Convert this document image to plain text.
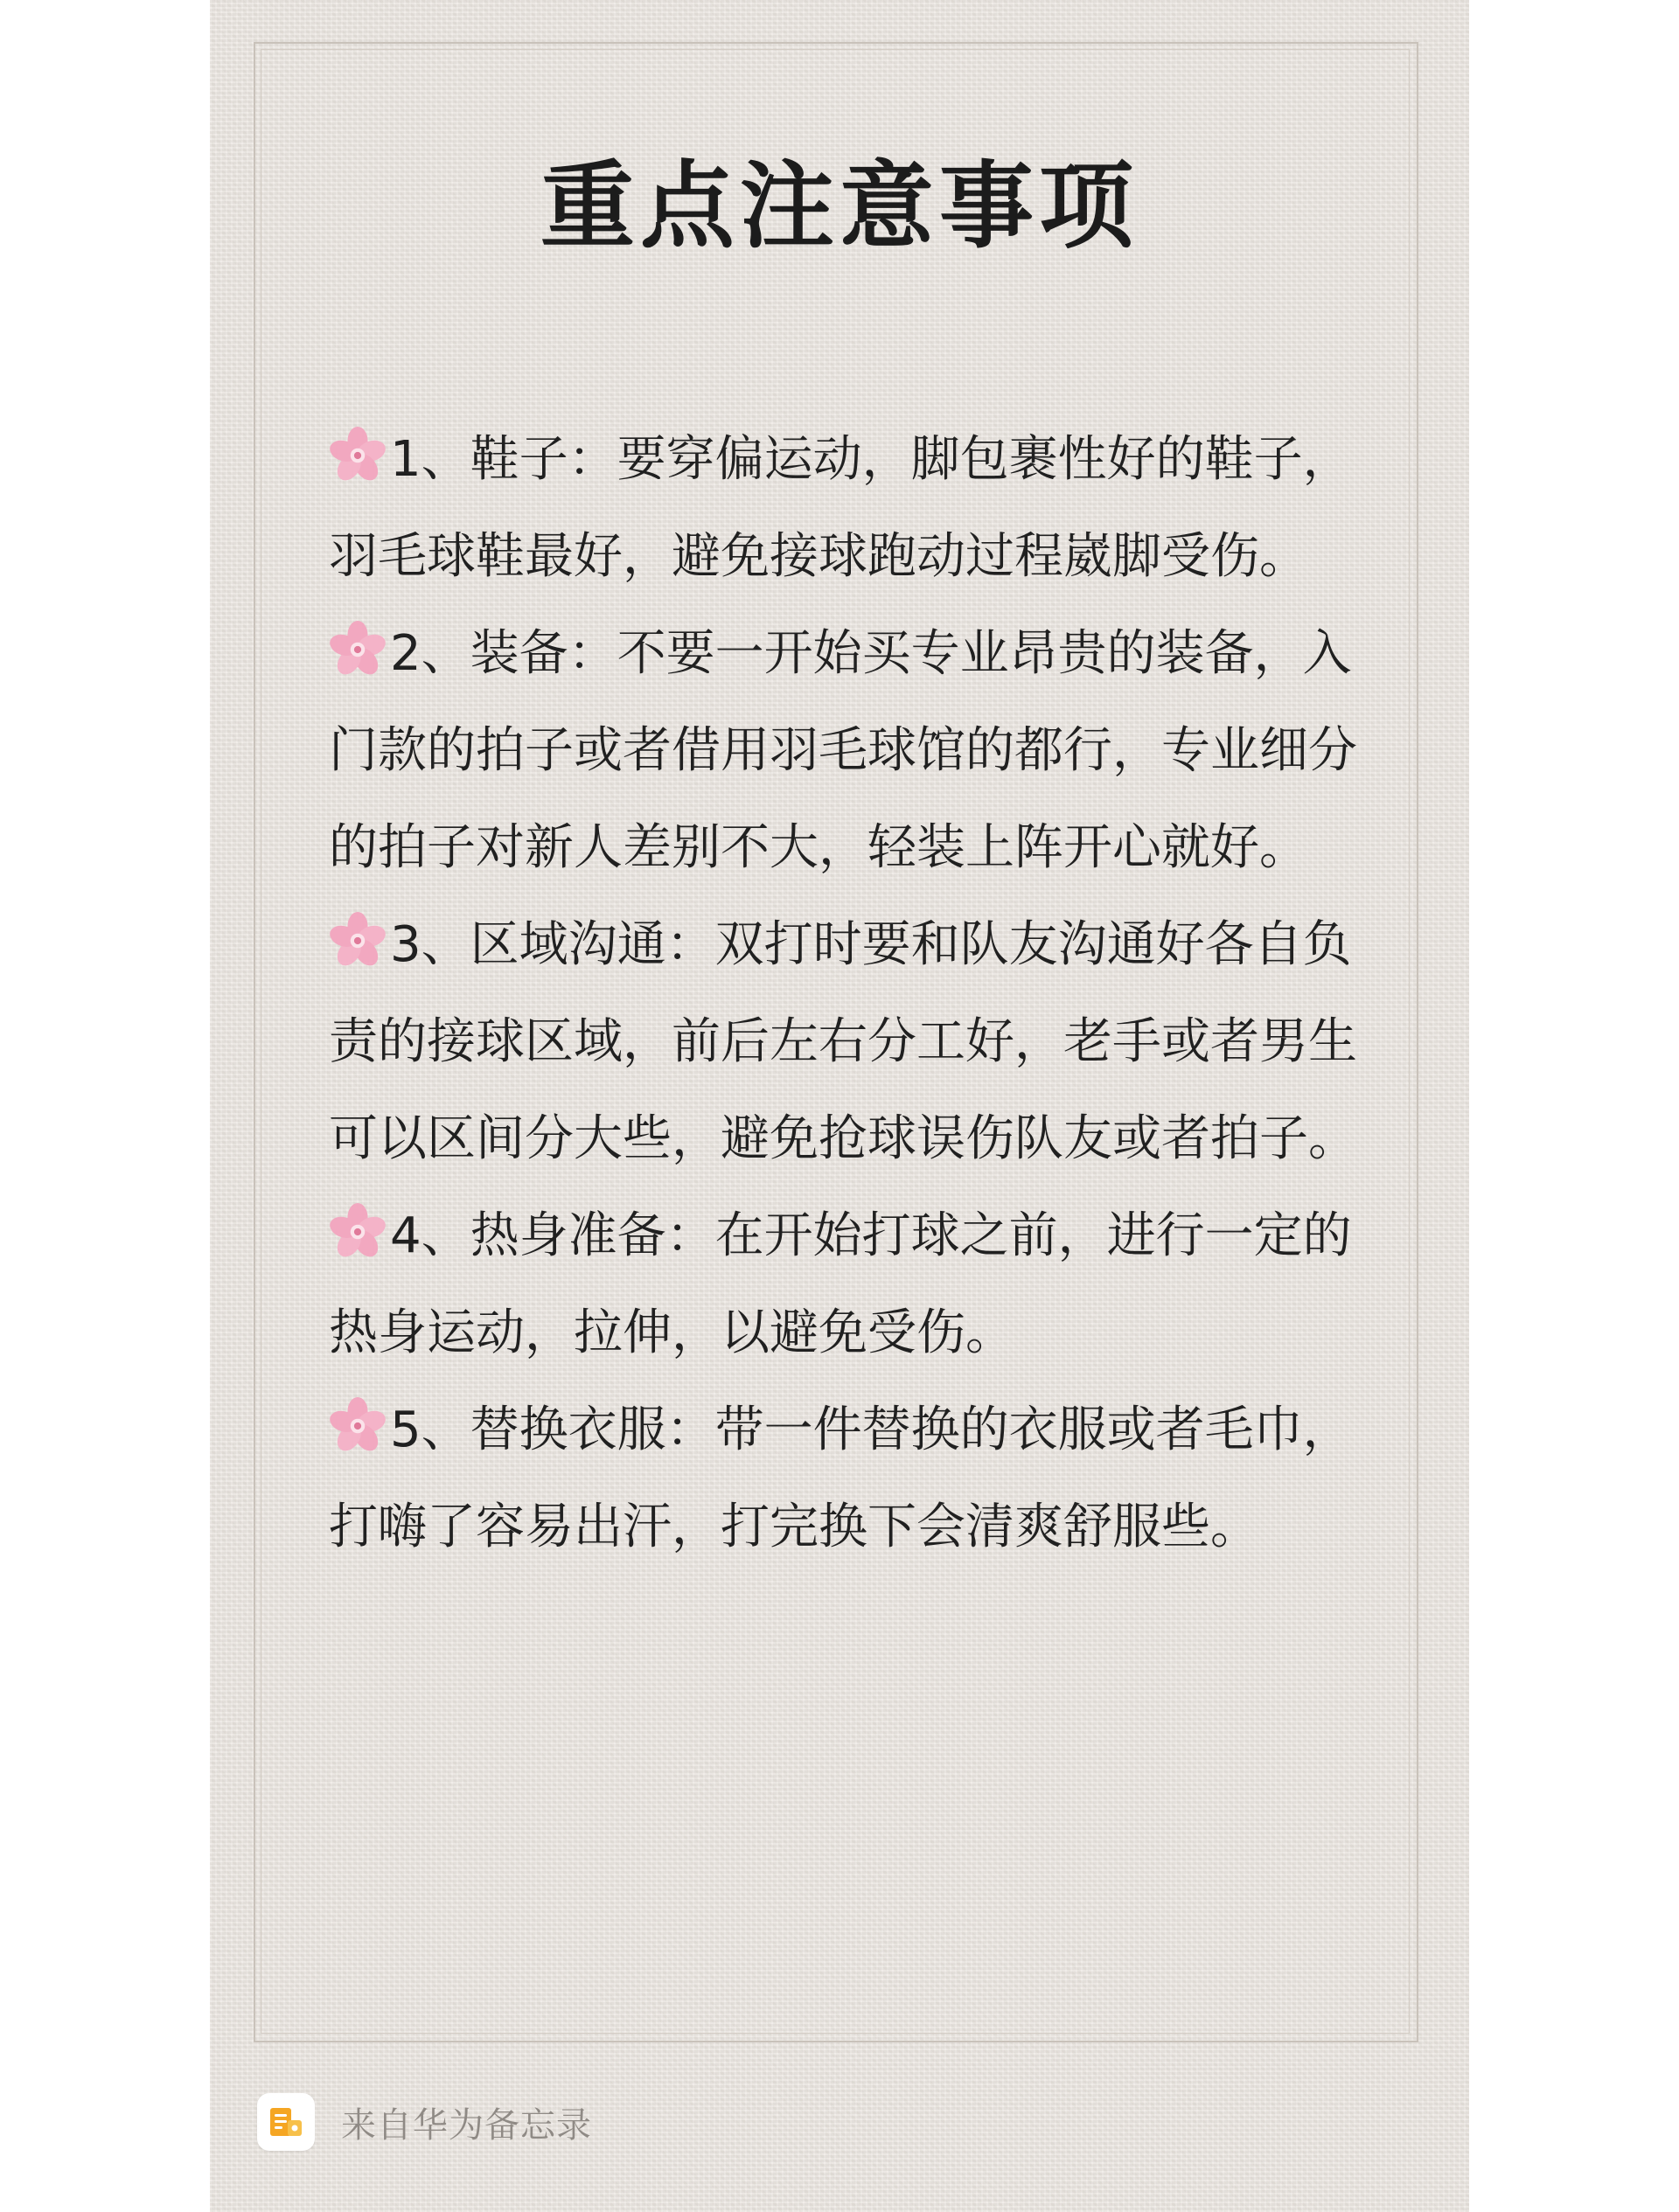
重点注意事项

1、鞋子：要穿偏运动，脚包裹性好的鞋子，羽毛球鞋最好，避免接球跑动过程崴脚受伤。

2、装备：不要一开始买专业昂贵的装备，入门款的拍子或者借用羽毛球馆的都行，专业细分的拍子对新人差别不大，轻装上阵开心就好。

3、区域沟通：双打时要和队友沟通好各自负责的接球区域，前后左右分工好，老手或者男生可以区间分大些，避免抢球误伤队友或者拍子。

4、热身准备：在开始打球之前，进行一定的热身运动，拉伸，以避免受伤。

5、替换衣服：带一件替换的衣服或者毛巾，打嗨了容易出汗，打完换下会清爽舒服些。

来自华为备忘录
